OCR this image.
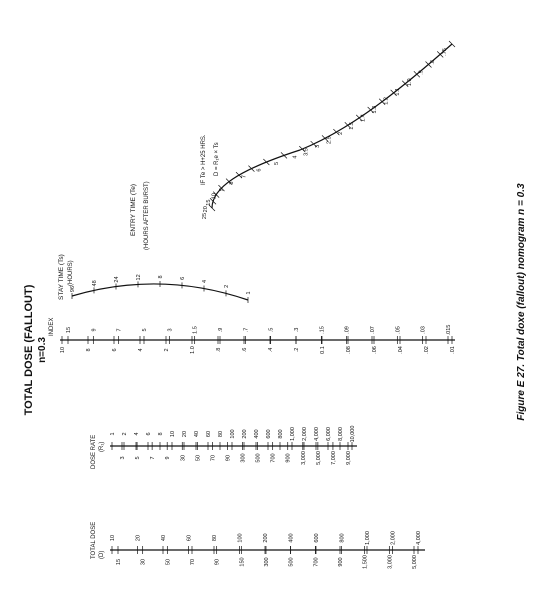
TOTAL DOSE (FALLOUT) n=0.3
TOTAL DOSE (D)
DOSE RATE (R₁)
INDEX
STAY TIME (Ts) (HOURS)
ENTRY TIME (Te) (HOURS AFTER BURST)
IF Te > H+25 HRS. D = R₁e × Ts
10	20	40	60	80	100	200	400	600	800	1,000	2,000	4,000
15	30	50	70	90	150	300	500	700	900	1,500	3,000	5,000
1 2 4 6 8 10 20 40 60 80 100 200 400 600 800 1,000 2,000 4,000 6,000 8,000 10,000
3 5 7 9 30 50 70 90 300 500 700 900 3,000 5,000 7,000 9,000
10	8	6	4	2	1.0	.8	.6	.4	.2	0.1	.08	.06	.04	.02	.01
15	9	7	5	3	1.5	.9	.7	.5	.3	.15	.09	.07	.05	.03	.015
96
48
24	12	8	6
4
2
1
25
20
15
10
9
8
7
6
5
4
3.5
3
2.5
2
1.5
1.4
1.3
1.2
1.1
1.0
.9
.8
.75
Figure E 27. Total doxe (fallout) nomogram n = 0.3
